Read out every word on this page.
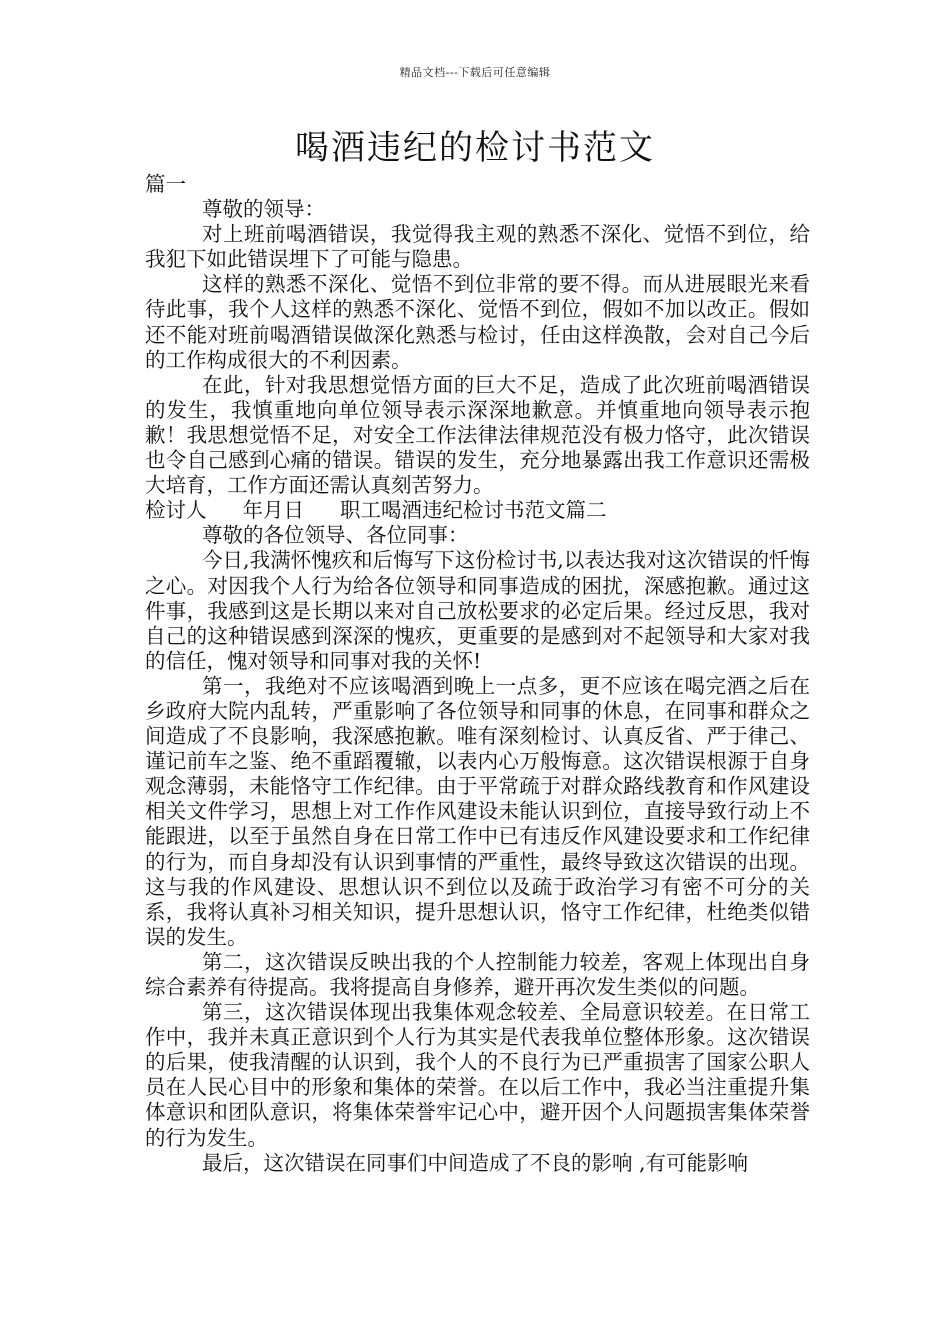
精品文档---下载后可任意编辑
喝酒违纪的检讨书范文

篇一

尊敬的领导：

对上班前喝酒错误，我觉得我主观的熟悉不深化、觉悟不到位，给我犯下如此错误埋下了可能与隐患。

这样的熟悉不深化、觉悟不到位非常的要不得。而从进展眼光来看待此事，我个人这样的熟悉不深化、觉悟不到位，假如不加以改正。假如还不能对班前喝酒错误做深化熟悉与检讨，任由这样涣散，会对自己今后的工作构成很大的不利因素。

在此，针对我思想觉悟方面的巨大不足，造成了此次班前喝酒错误的发生，我慎重地向单位领导表示深深地歉意。并慎重地向领导表示抱歉！我思想觉悟不足，对安全工作法律法律规范没有极力恪守，此次错误也令自己感到心痛的错误。错误的发生，充分地暴露出我工作意识还需极大培育，工作方面还需认真刻苦努力。

检讨人 年月日 职工喝酒违纪检讨书范文篇二

尊敬的各位领导、各位同事：

今日,我满怀愧疚和后悔写下这份检讨书,以表达我对这次错误的忏悔之心。对因我个人行为给各位领导和同事造成的困扰，深感抱歉。通过这件事，我感到这是长期以来对自己放松要求的必定后果。经过反思，我对自己的这种错误感到深深的愧疚，更重要的是感到对不起领导和大家对我的信任，愧对领导和同事对我的关怀!

第一，我绝对不应该喝酒到晚上一点多，更不应该在喝完酒之后在乡政府大院内乱转，严重影响了各位领导和同事的休息，在同事和群众之间造成了不良影响，我深感抱歉。唯有深刻检讨、认真反省、严于律己、谨记前车之鉴、绝不重蹈覆辙，以表内心万般悔意。这次错误根源于自身观念薄弱，未能恪守工作纪律。由于平常疏于对群众路线教育和作风建设相关文件学习，思想上对工作作风建设未能认识到位，直接导致行动上不能跟进，以至于虽然自身在日常工作中已有违反作风建设要求和工作纪律的行为，而自身却没有认识到事情的严重性，最终导致这次错误的出现。这与我的作风建设、思想认识不到位以及疏于政治学习有密不可分的关系，我将认真补习相关知识，提升思想认识，恪守工作纪律，杜绝类似错误的发生。

第二，这次错误反映出我的个人控制能力较差，客观上体现出自身综合素养有待提高。我将提高自身修养，避开再次发生类似的问题。

第三，这次错误体现出我集体观念较差、全局意识较差。在日常工作中，我并未真正意识到个人行为其实是代表我单位整体形象。这次错误的后果，使我清醒的认识到，我个人的不良行为已严重损害了国家公职人员在人民心目中的形象和集体的荣誉。在以后工作中，我必当注重提升集体意识和团队意识，将集体荣誉牢记心中，避开因个人问题损害集体荣誉的行为发生。

最后，这次错误在同事们中间造成了不良的影响 ,有可能影响
